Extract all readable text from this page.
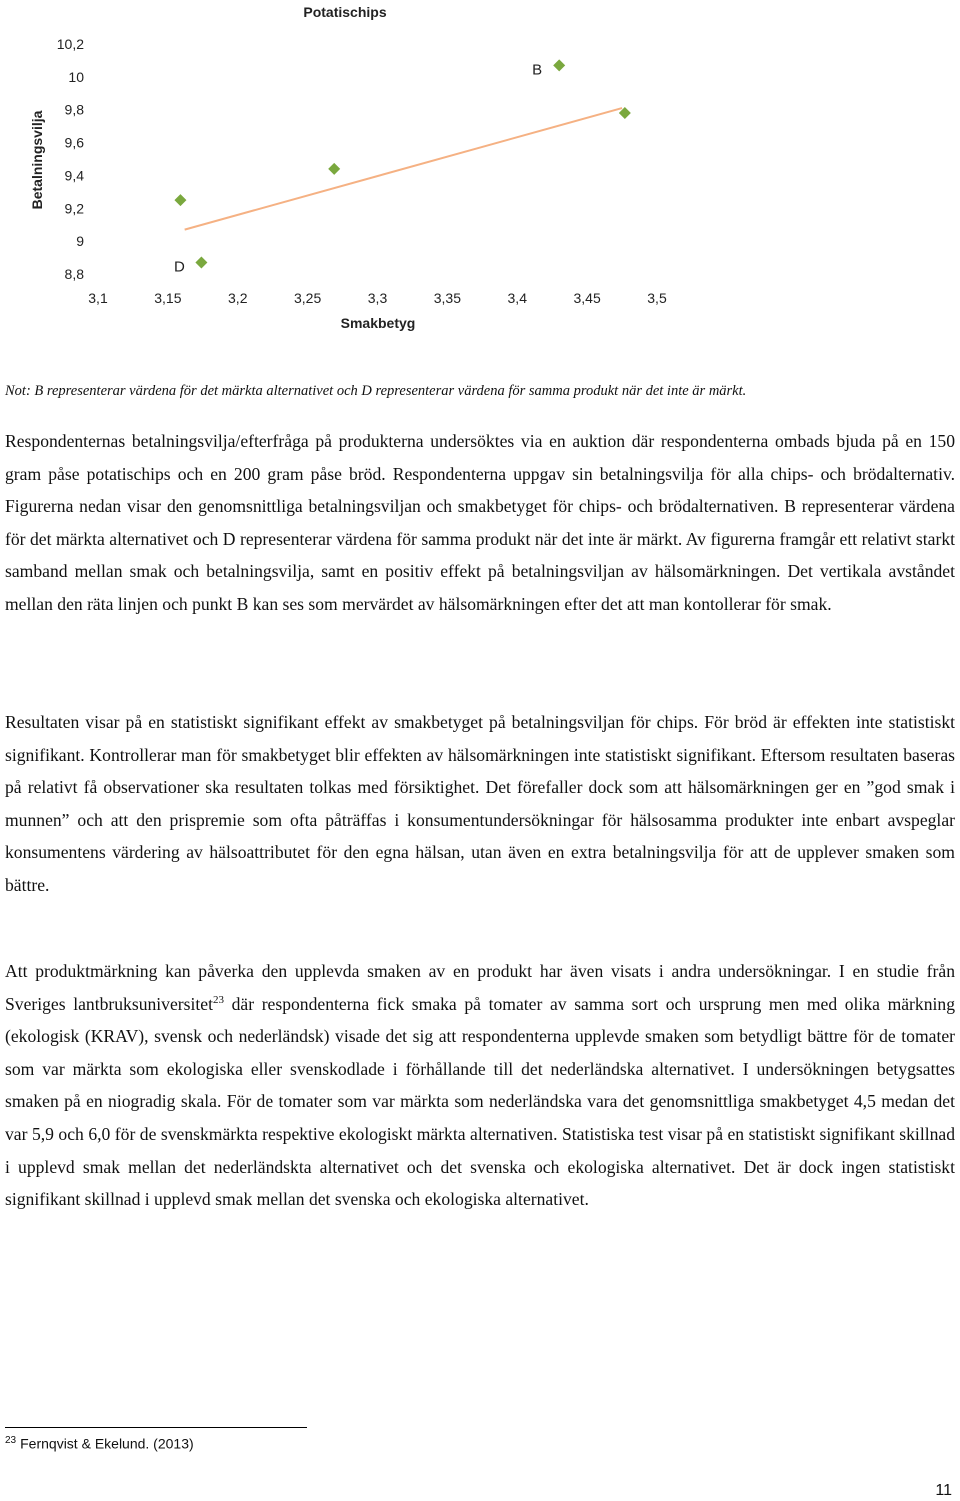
Potatischips
10,2
10
9,8
9,6
9,4
9,2
9
8,8
3,1	3,15	3,2	3,25	3,3	3,35	3,4	3,45	3,5
Smakbetyg
Betalningsvilja
D
B
Not: B representerar värdena för det märkta alternativet och D representerar värdena för samma produkt när det inte är märkt.
Respondenternas betalningsvilja/efterfråga på produkterna undersöktes via en auktion där respondenterna ombads bjuda på en 150 gram påse potatischips och en 200 gram påse bröd. Respondenterna uppgav sin betalningsvilja för alla chips- och brödalternativ. Figurerna nedan visar den genomsnittliga betalningsviljan och smakbetyget för chips- och brödalternativen. B representerar värdena för det märkta alternativet och D representerar värdena för samma produkt när det inte är märkt. Av figurerna framgår ett relativt starkt samband mellan smak och betalningsvilja, samt en positiv effekt på betalningsviljan av hälsomärkningen. Det vertikala avståndet mellan den räta linjen och punkt B kan ses som mervärdet av hälsomärkningen efter det att man kontollerar för smak.
Resultaten visar på en statistiskt signifikant effekt av smakbetyget på betalningsviljan för chips. För bröd är effekten inte statistiskt signifikant. Kontrollerar man för smakbetyget blir effekten av hälsomärkningen inte statistiskt signifikant. Eftersom resultaten baseras på relativt få observationer ska resultaten tolkas med försiktighet. Det förefaller dock som att hälsomärkningen ger en ”god smak i munnen” och att den prispremie som ofta påträffas i konsumentundersökningar för hälsosamma produkter inte enbart avspeglar konsumentens värdering av hälsoattributet för den egna hälsan, utan även en extra betalningsvilja för att de upplever smaken som bättre.
Att produktmärkning kan påverka den upplevda smaken av en produkt har även visats i andra undersökningar. I en studie från Sveriges lantbruksuniversitet$^{23}$ där respondenterna fick smaka på tomater av samma sort och ursprung men med olika märkning (ekologisk (KRAV), svensk och nederländsk) visade det sig att respondenterna upplevde smaken som betydligt bättre för de tomater som var märkta som ekologiska eller svenskodlade i förhållande till det nederländska alternativet. I undersökningen betygsattes smaken på en niogradig skala. För de tomater som var märkta som nederländska vara det genomsnittliga smakbetyget 4,5 medan det var 5,9 och 6,0 för de svenskmärkta respektive ekologiskt märkta alternativen. Statistiska test visar på en statistiskt signifikant skillnad i upplevd smak mellan det nederländskta alternativet och det svenska och ekologiska alternativet. Det är dock ingen statistiskt signifikant skillnad i upplevd smak mellan det svenska och ekologiska alternativet.
$^{23}$ Fernqvist & Ekelund. (2013)
11
